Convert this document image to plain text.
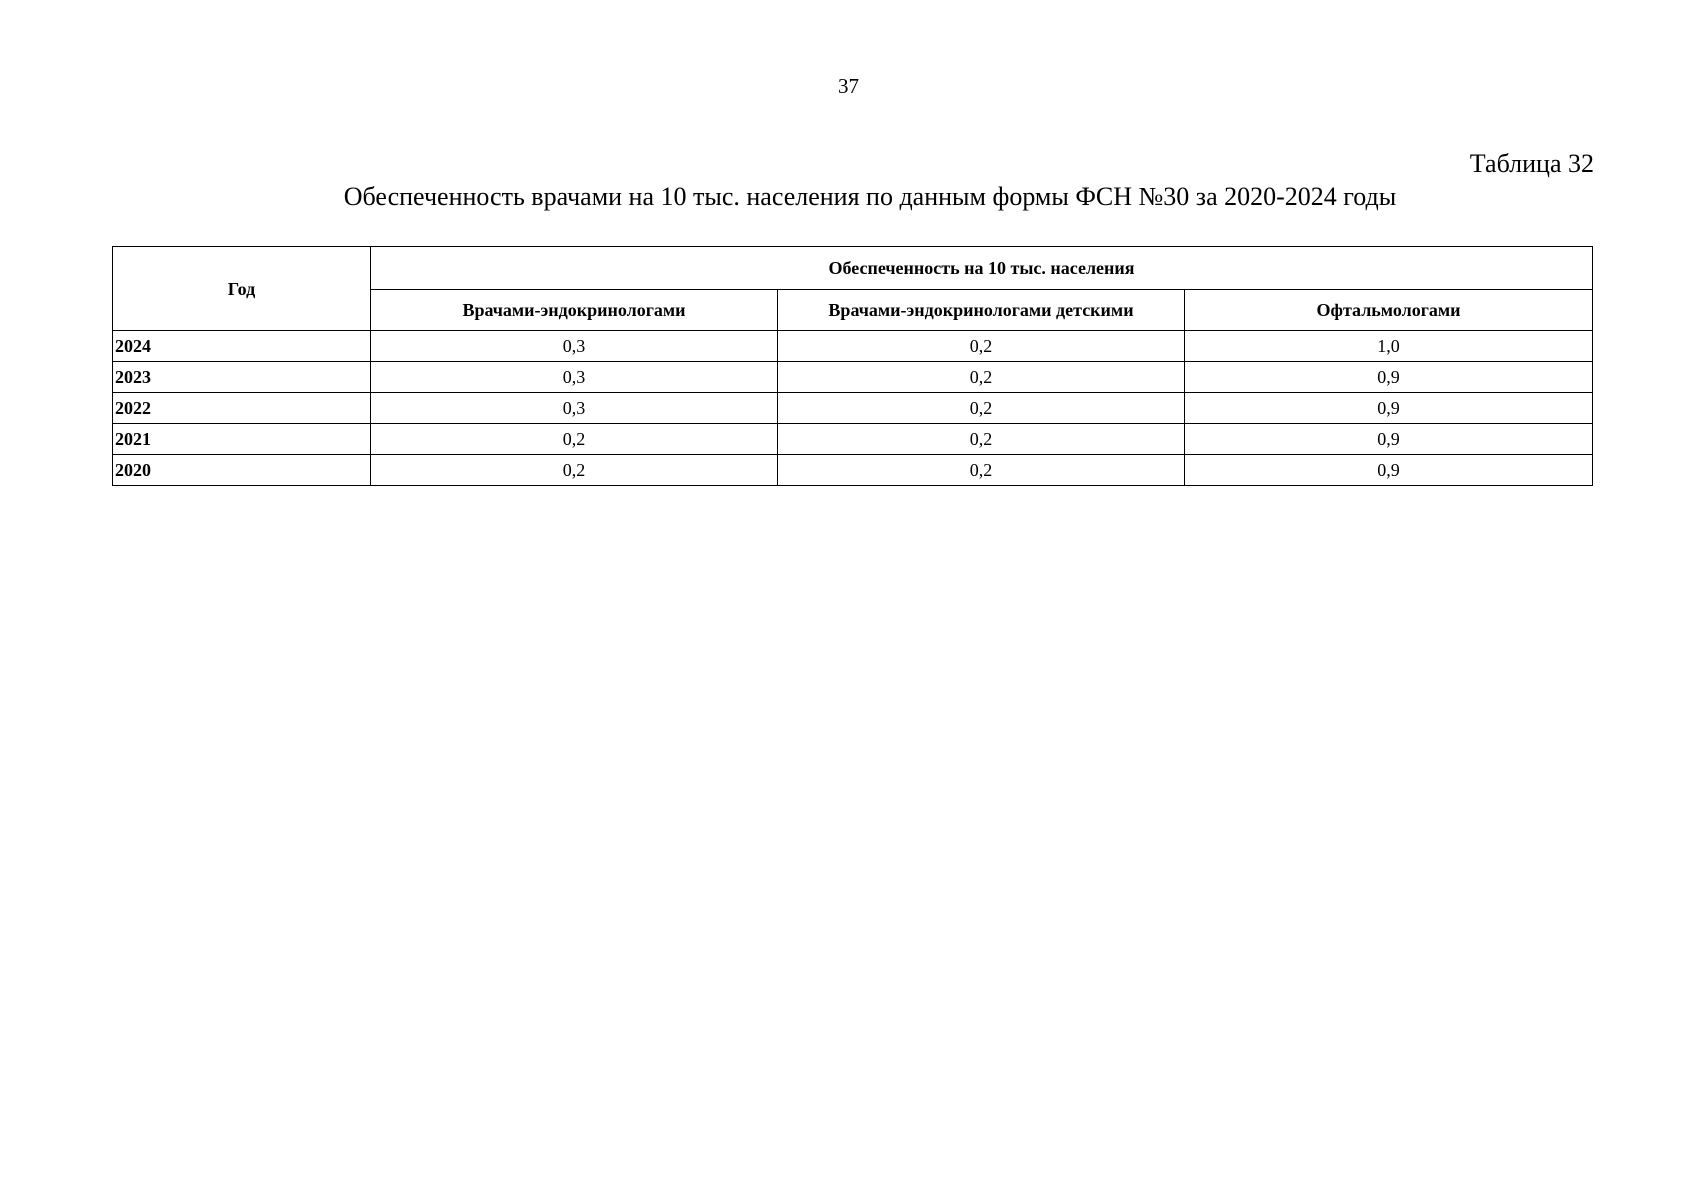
37
Таблица 32
Обеспеченность врачами на 10 тыс. населения по данным формы ФСН №30 за 2020-2024 годы
Год	Обеспеченность на 10 тыс. населения		
	Врачами-эндокринологами	Врачами-эндокринологами детскими	Офтальмологами
2024	0,3	0,2	1,0
2023	0,3	0,2	0,9
2022	0,3	0,2	0,9
2021	0,2	0,2	0,9
2020	0,2	0,2	0,9
